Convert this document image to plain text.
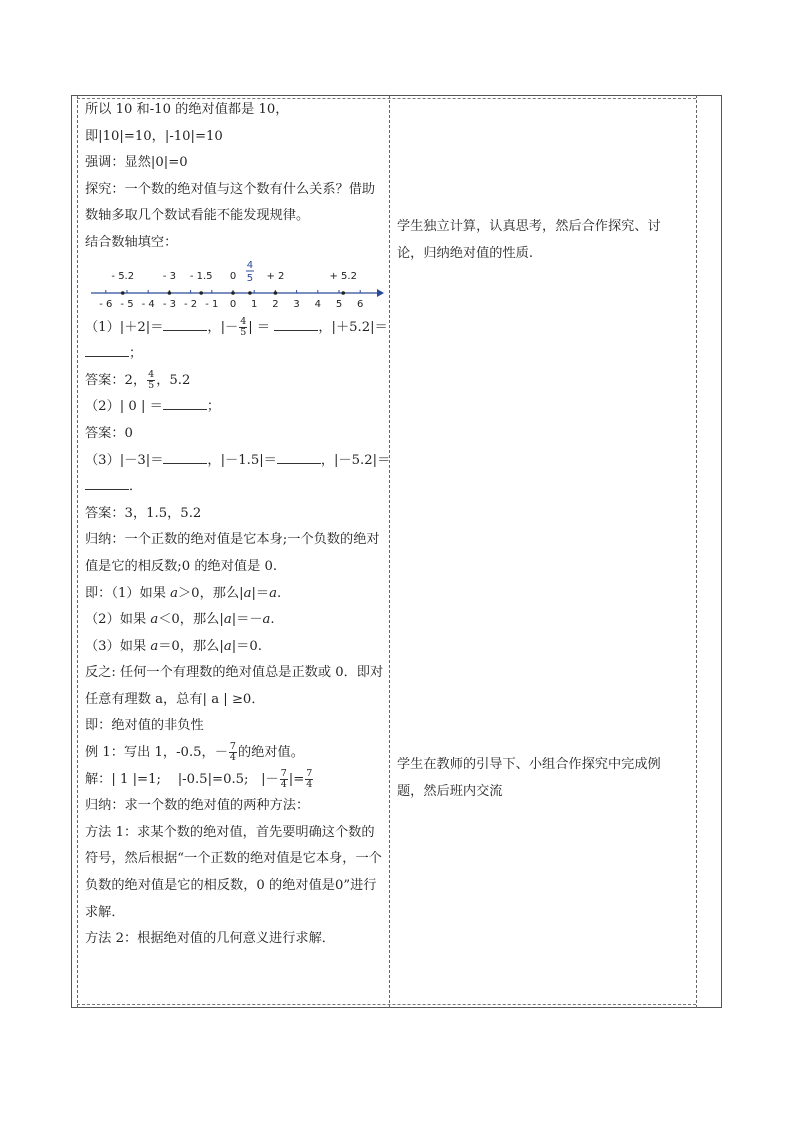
所以 10 和-10 的绝对值都是 10，

即|10|=10，|-10|=10

强调：显然|0|=0

探究：一个数的绝对值与这个数有什么关系？借助数轴多取几个数试看能不能发现规律。

结合数轴填空：

- 6 - 5 - 4 - 3 - 2 - 1 0 1 2 3 4 5 6
- 5.2	- 3 - 1.5 0
4
5 + 2	+ 5.2

（1）|＋2|＝	，|－ $\frac{4}{5}$ | ＝	，|＋5.2|＝

；

答案：2， $\frac{4}{5}$ ，5.2

（2）| 0 | ＝	；

答案：0

（3）|－3|＝	，|－1.5|＝	，|－5.2|＝

．

答案：3，1.5，5.2

归纳：一个正数的绝对值是它本身;一个负数的绝对值是它的相反数;0 的绝对值是 0.

即：（1）如果 a＞0，那么|a|＝a.

（2）如果 a＜0，那么|a|＝－a.

（3）如果 a＝0，那么|a|＝0.

反之: 任何一个有理数的绝对值总是正数或 0．即对任意有理数 a，总有| a | ≥0．

即：绝对值的非负性

例 1：写出 1，-0.5，－ $\frac{7}{4}$ 的绝对值。

解：| 1 |=1; |-0.5|=0.5; |－ $\frac{7}{4}$ |= $\frac{7}{4}$

归纳：求一个数的绝对值的两种方法：

方法 1：求某个数的绝对值，首先要明确这个数的符号，然后根据“一个正数的绝对值是它本身，一个负数的绝对值是它的相反数，0 的绝对值是0”进行求解．

方法 2：根据绝对值的几何意义进行求解．

学生独立计算，认真思考，然后合作探究、讨论，归纳绝对值的性质.

学生在教师的引导下、小组合作探究中完成例题，然后班内交流
